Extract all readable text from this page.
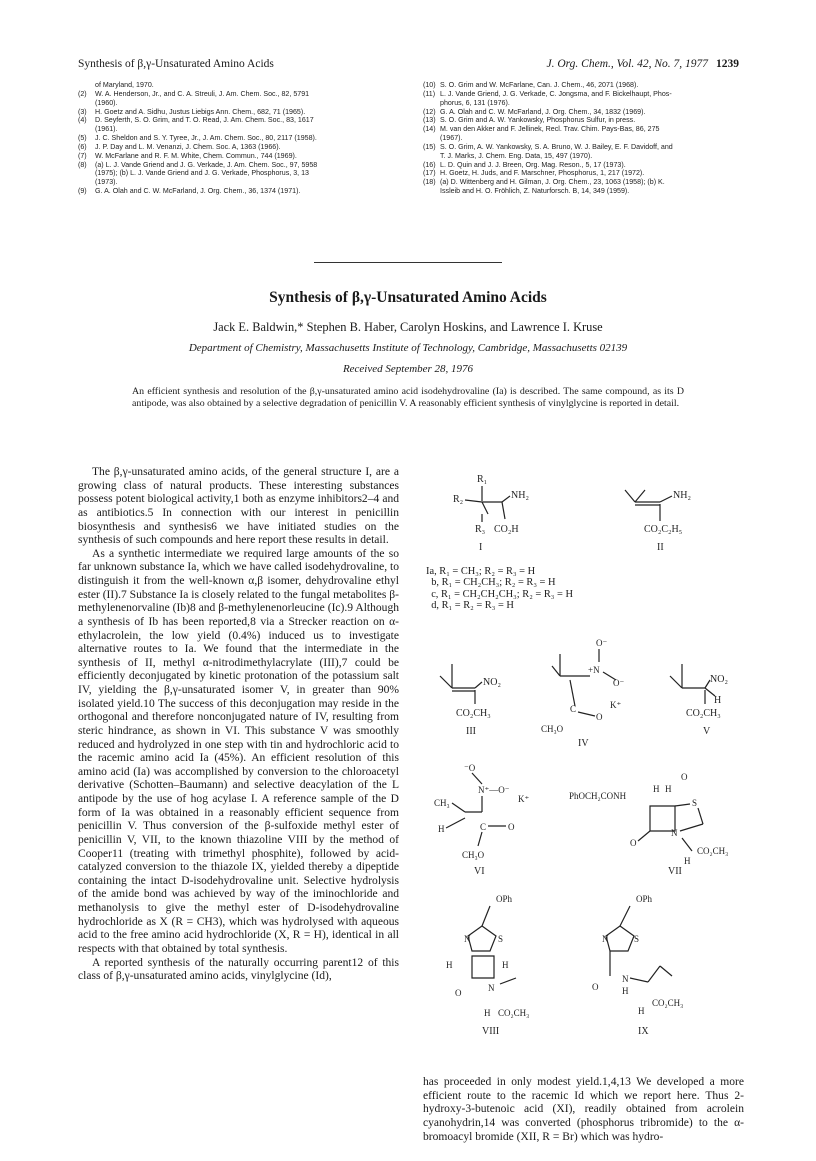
Synthesis of β,γ-Unsaturated Amino Acids	J. Org. Chem., Vol. 42, No. 7, 1977 1239
of Maryland, 1970.
(2)	W. A. Henderson, Jr., and C. A. Streuli, J. Am. Chem. Soc., 82, 5791
(1960).
(3)	H. Goetz and A. Sidhu, Justus Liebigs Ann. Chem., 682, 71 (1965).
(4)	D. Seyferth, S. O. Grim, and T. O. Read, J. Am. Chem. Soc., 83, 1617
(1961).
(5)	J. C. Sheldon and S. Y. Tyree, Jr., J. Am. Chem. Soc., 80, 2117 (1958).
(6)	J. P. Day and L. M. Venanzi, J. Chem. Soc. A, 1363 (1966).
(7)	W. McFarlane and R. F. M. White, Chem. Commun., 744 (1969).
(8)	(a) L. J. Vande Griend and J. G. Verkade, J. Am. Chem. Soc., 97, 5958
(1975); (b) L. J. Vande Griend and J. G. Verkade, Phosphorus, 3, 13
(1973).
(9)	G. A. Olah and C. W. McFarland, J. Org. Chem., 36, 1374 (1971).
(10) S. O. Grim and W. McFarlane, Can. J. Chem., 46, 2071 (1968).
(11) L. J. Vande Griend, J. G. Verkade, C. Jongsma, and F. Bickelhaupt, Phos-
phorus, 6, 131 (1976).
(12) G. A. Olah and C. W. McFarland, J. Org. Chem., 34, 1832 (1969).
(13) S. O. Grim and A. W. Yankowsky, Phosphorus Sulfur, in press.
(14) M. van den Akker and F. Jellinek, Recl. Trav. Chim. Pays-Bas, 86, 275
(1967).
(15) S. O. Grim, A. W. Yankowsky, S. A. Bruno, W. J. Bailey, E. F. Davidoff, and
T. J. Marks, J. Chem. Eng. Data, 15, 497 (1970).
(16) L. D. Quin and J. J. Breen, Org. Mag. Reson., 5, 17 (1973).
(17) H. Goetz, H. Juds, and F. Marschner, Phosphorus, 1, 217 (1972).
(18) (a) D. Wittenberg and H. Gilman, J. Org. Chem., 23, 1063 (1958); (b) K.
Issleib and H. O. Fröhlich, Z. Naturforsch. B, 14, 349 (1959).
Synthesis of β,γ-Unsaturated Amino Acids
Jack E. Baldwin,* Stephen B. Haber, Carolyn Hoskins, and Lawrence I. Kruse
Department of Chemistry, Massachusetts Institute of Technology, Cambridge, Massachusetts 02139
Received September 28, 1976
An efficient synthesis and resolution of the β,γ-unsaturated amino acid isodehydrovaline (Ia) is described. The same compound, as its D antipode, was also obtained by a selective degradation of penicillin V. A reasonably efficient synthesis of vinylglycine is reported in detail.

The β,γ-unsaturated amino acids, of the general structure I, are a growing class of natural products. These interesting substances possess potent biological activity,1 both as enzyme inhibitors2–4 and as antibiotics.5 In connection with our interest in penicillin biosynthesis and synthesis6 we have initiated studies on the synthesis of such compounds and here report these results in detail.

As a synthetic intermediate we required large amounts of the so far unknown substance Ia, which we have called isodehydrovaline, to distinguish it from the well-known α,β isomer, dehydrovaline ethyl ester (II).7 Substance Ia is closely related to the fungal metabolites β-methylenenorvaline (Ib)8 and β-methylenenorleucine (Ic).9 Although a synthesis of Ib has been reported,8 via a Strecker reaction on α-ethylacrolein, the low yield (0.4%) induced us to investigate alternative routes to Ia. We found that the intermediate in the synthesis of II, methyl α-nitrodimethylacrylate (III),7 could be efficiently deconjugated by kinetic protonation of the potassium salt IV, yielding the β,γ-unsaturated isomer V, in greater than 90% isolated yield.10 The success of this deconjugation may reside in the orthogonal and therefore nonconjugated nature of IV, resulting from steric hindrance, as shown in VI. This substance V was smoothly reduced and hydrolyzed in one step with tin and hydrochloric acid to the racemic amino acid Ia (45%). An efficient resolution of this amino acid (Ia) was accomplished by conversion to the chloroacetyl derivative (Schotten–Baumann) and selective deacylation of the L antipode by the use of hog acylase I. A reference sample of the D form of Ia was obtained in a reasonably efficient sequence from penicillin V. Thus conversion of the β-sulfoxide methyl ester of penicillin V, VII, to the known thiazoline VIII by the method of Cooper11 (treating with trimethyl phosphite), followed by acid-catalyzed conversion to the thiazole IX, yielded thereby a dipeptide containing the intact D-isodehydrovaline unit. Selective hydrolysis of the amide bond was achieved by way of the iminochloride and methanolysis to give the methyl ester of D-isodehydrovaline hydrochloride as X (R = CH3), which was hydrolysed with aqueous acid to the free amino acid hydrochloride (X, R = H), identical in all respects with that obtained by total synthesis.

A reported synthesis of the naturally occurring parent12 of this class of β,γ-unsaturated amino acids, vinylglycine (Id),

R₁
R₂	NH₂
R₃ CO₂H
I
NH₂
CO₂C₂H₅
II
NO₂
CO₂CH₃
III
O⁻
+N
O⁻
K⁺
C
O
CH₃O
IV
NO₂
H
CO₂CH₃
V
⁻O
N⁺—O⁻
CH₃
H
K⁺
C O
CH₃O
VI
PhOCH₂CONH
H H
O
S
N
O
H
CO₂CH₃
VII
OPh
N	S
H	H
N
O
H CO₂CH₃
VIII
OPh
N	S
O
N
H
H
CO₂CH₃
IX
Ia, R₁ = CH₃; R₂ = R₃ = H
b, R₁ = CH₂CH₃; R₂ = R₃ = H
c, R₁ = CH₂CH₂CH₃; R₂ = R₃ = H
d, R₁ = R₂ = R₃ = H

has proceeded in only modest yield.1,4,13 We developed a more efficient route to the racemic Id which we report here. Thus 2-hydroxy-3-butenoic acid (XI), readily obtained from acrolein cyanohydrin,14 was converted (phosphorus tribromide) to the α-bromoacyl bromide (XII, R = Br) which was hydro-
